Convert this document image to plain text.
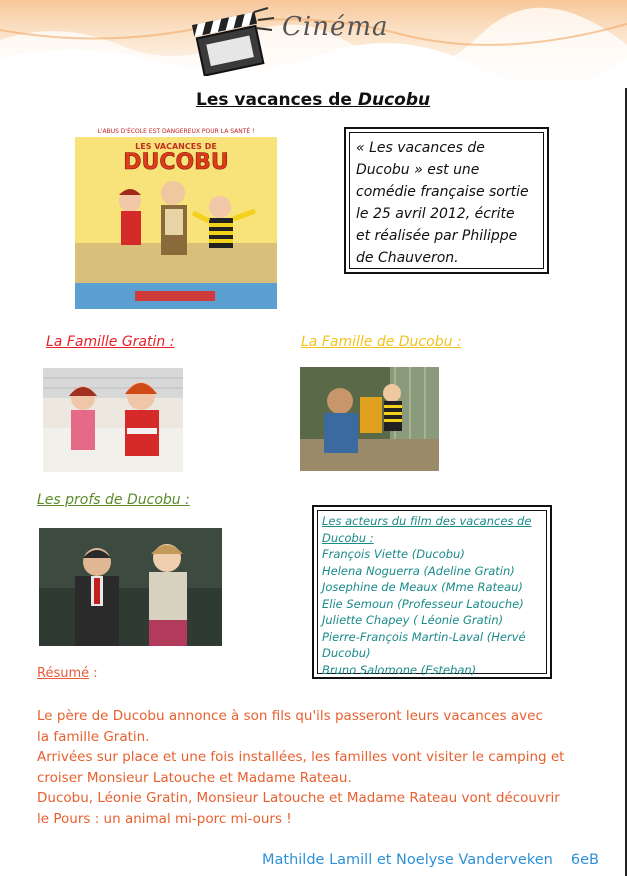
Cinéma
Les vacances de Ducobu
L'ABUS D'ÉCOLE EST DANGEREUX POUR LA SANTÉ !
LES VACANCES DE
DUCOBU
« Les vacances de
Ducobu » est une
comédie française sortie
le 25 avril 2012, écrite
et réalisée par Philippe
de Chauveron.
La Famille Gratin :	La Famille de Ducobu :
Les profs de Ducobu :
Les acteurs du film des vacances de
Ducobu :
François Viette (Ducobu)
Helena Noguerra (Adeline Gratin)
Josephine de Meaux (Mme Rateau)
Elie Semoun (Professeur Latouche)
Juliette Chapey ( Léonie Gratin)
Pierre-François Martin-Laval (Hervé
Ducobu)
Bruno Salomone (Esteban)
Résumé :

Le père de Ducobu annonce à son fils qu'ils passeront leurs vacances avec

la famille Gratin.

Arrivées sur place et une fois installées, les familles vont visiter le camping et

croiser Monsieur Latouche et Madame Rateau.

Ducobu, Léonie Gratin, Monsieur Latouche et Madame Rateau vont découvrir

le Pours : un animal mi-porc mi-ours !

Mathilde Lamill et Noelyse Vanderveken 6eB
